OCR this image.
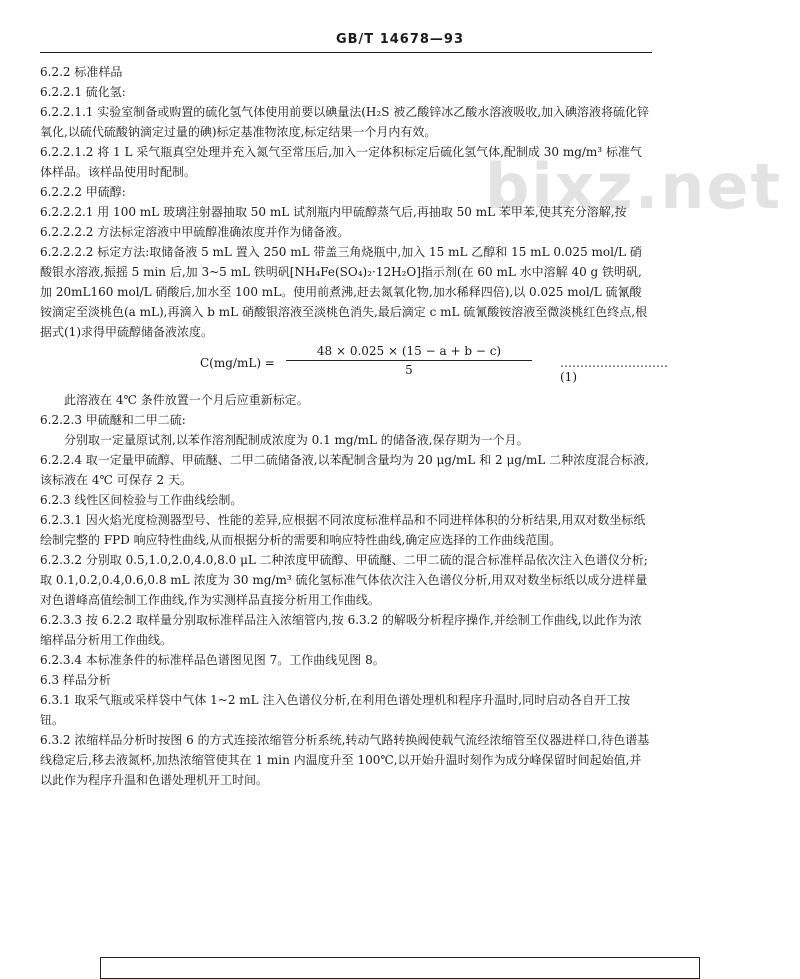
GB/T 14678—93
bixz.net

6.2.2 标准样品

6.2.2.1 硫化氢:

6.2.2.1.1 实验室制备或购置的硫化氢气体使用前要以碘量法(H₂S 被乙酸锌冰乙酸水溶液吸收,加入碘溶液将硫化锌氧化,以硫代硫酸钠滴定过量的碘)标定基准物浓度,标定结果一个月内有效。

6.2.2.1.2 将 1 L 采气瓶真空处理并充入氮气至常压后,加入一定体积标定后硫化氢气体,配制成 30 mg/m³ 标准气体样品。该样品使用时配制。

6.2.2.2 甲硫醇:

6.2.2.2.1 用 100 mL 玻璃注射器抽取 50 mL 试剂瓶内甲硫醇蒸气后,再抽取 50 mL 苯甲苯,使其充分溶解,按 6.2.2.2.2 方法标定溶液中甲硫醇准确浓度并作为储备液。

6.2.2.2.2 标定方法:取储备液 5 mL 置入 250 mL 带盖三角烧瓶中,加入 15 mL 乙醇和 15 mL 0.025 mol/L 硝酸银水溶液,振摇 5 min 后,加 3~5 mL 铁明矾[NH₄Fe(SO₄)₂·12H₂O]指示剂(在 60 mL 水中溶解 40 g 铁明矾,加 20mL160 mol/L 硝酸后,加水至 100 mL。使用前煮沸,赶去氮氧化物,加水稀释四倍),以 0.025 mol/L 硫氰酸铵滴定至淡桃色(a mL),再滴入 b mL 硝酸银溶液至淡桃色消失,最后滴定 c mL 硫氰酸铵溶液至微淡桃红色终点,根据式(1)求得甲硫醇储备液浓度。

$C(mg/mL) = \frac{48 \times 0.025 \times (15 - a + b - c)}{5}$ ………………………(1)

此溶液在 4℃ 条件放置一个月后应重新标定。

6.2.2.3 甲硫醚和二甲二硫:

分别取一定量原试剂,以苯作溶剂配制成浓度为 0.1 mg/mL 的储备液,保存期为一个月。

6.2.2.4 取一定量甲硫醇、甲硫醚、二甲二硫储备液,以苯配制含量均为 20 μg/mL 和 2 μg/mL 二种浓度混合标液,该标液在 4℃ 可保存 2 天。

6.2.3 线性区间检验与工作曲线绘制。

6.2.3.1 因火焰光度检测器型号、性能的差异,应根据不同浓度标准样品和不同进样体积的分析结果,用双对数坐标纸绘制完整的 FPD 响应特性曲线,从而根据分析的需要和响应特性曲线,确定应选择的工作曲线范围。

6.2.3.2 分别取 0.5,1.0,2.0,4.0,8.0 μL 二种浓度甲硫醇、甲硫醚、二甲二硫的混合标准样品依次注入色谱仪分析;取 0.1,0.2,0.4,0.6,0.8 mL 浓度为 30 mg/m³ 硫化氢标准气体依次注入色谱仪分析,用双对数坐标纸以成分进样量对色谱峰高值绘制工作曲线,作为实测样品直接分析用工作曲线。

6.2.3.3 按 6.2.2 取样量分别取标准样品注入浓缩管内,按 6.3.2 的解吸分析程序操作,并绘制工作曲线,以此作为浓缩样品分析用工作曲线。

6.2.3.4 本标准条件的标准样品色谱图见图 7。工作曲线见图 8。

6.3 样品分析

6.3.1 取采气瓶或采样袋中气体 1~2 mL 注入色谱仪分析,在利用色谱处理机和程序升温时,同时启动各自开工按钮。

6.3.2 浓缩样品分析时按图 6 的方式连接浓缩管分析系统,转动气路转换阀使载气流经浓缩管至仪器进样口,待色谱基线稳定后,移去液氮杯,加热浓缩管使其在 1 min 内温度升至 100℃,以开始升温时刻作为成分峰保留时间起始值,并以此作为程序升温和色谱处理机开工时间。
